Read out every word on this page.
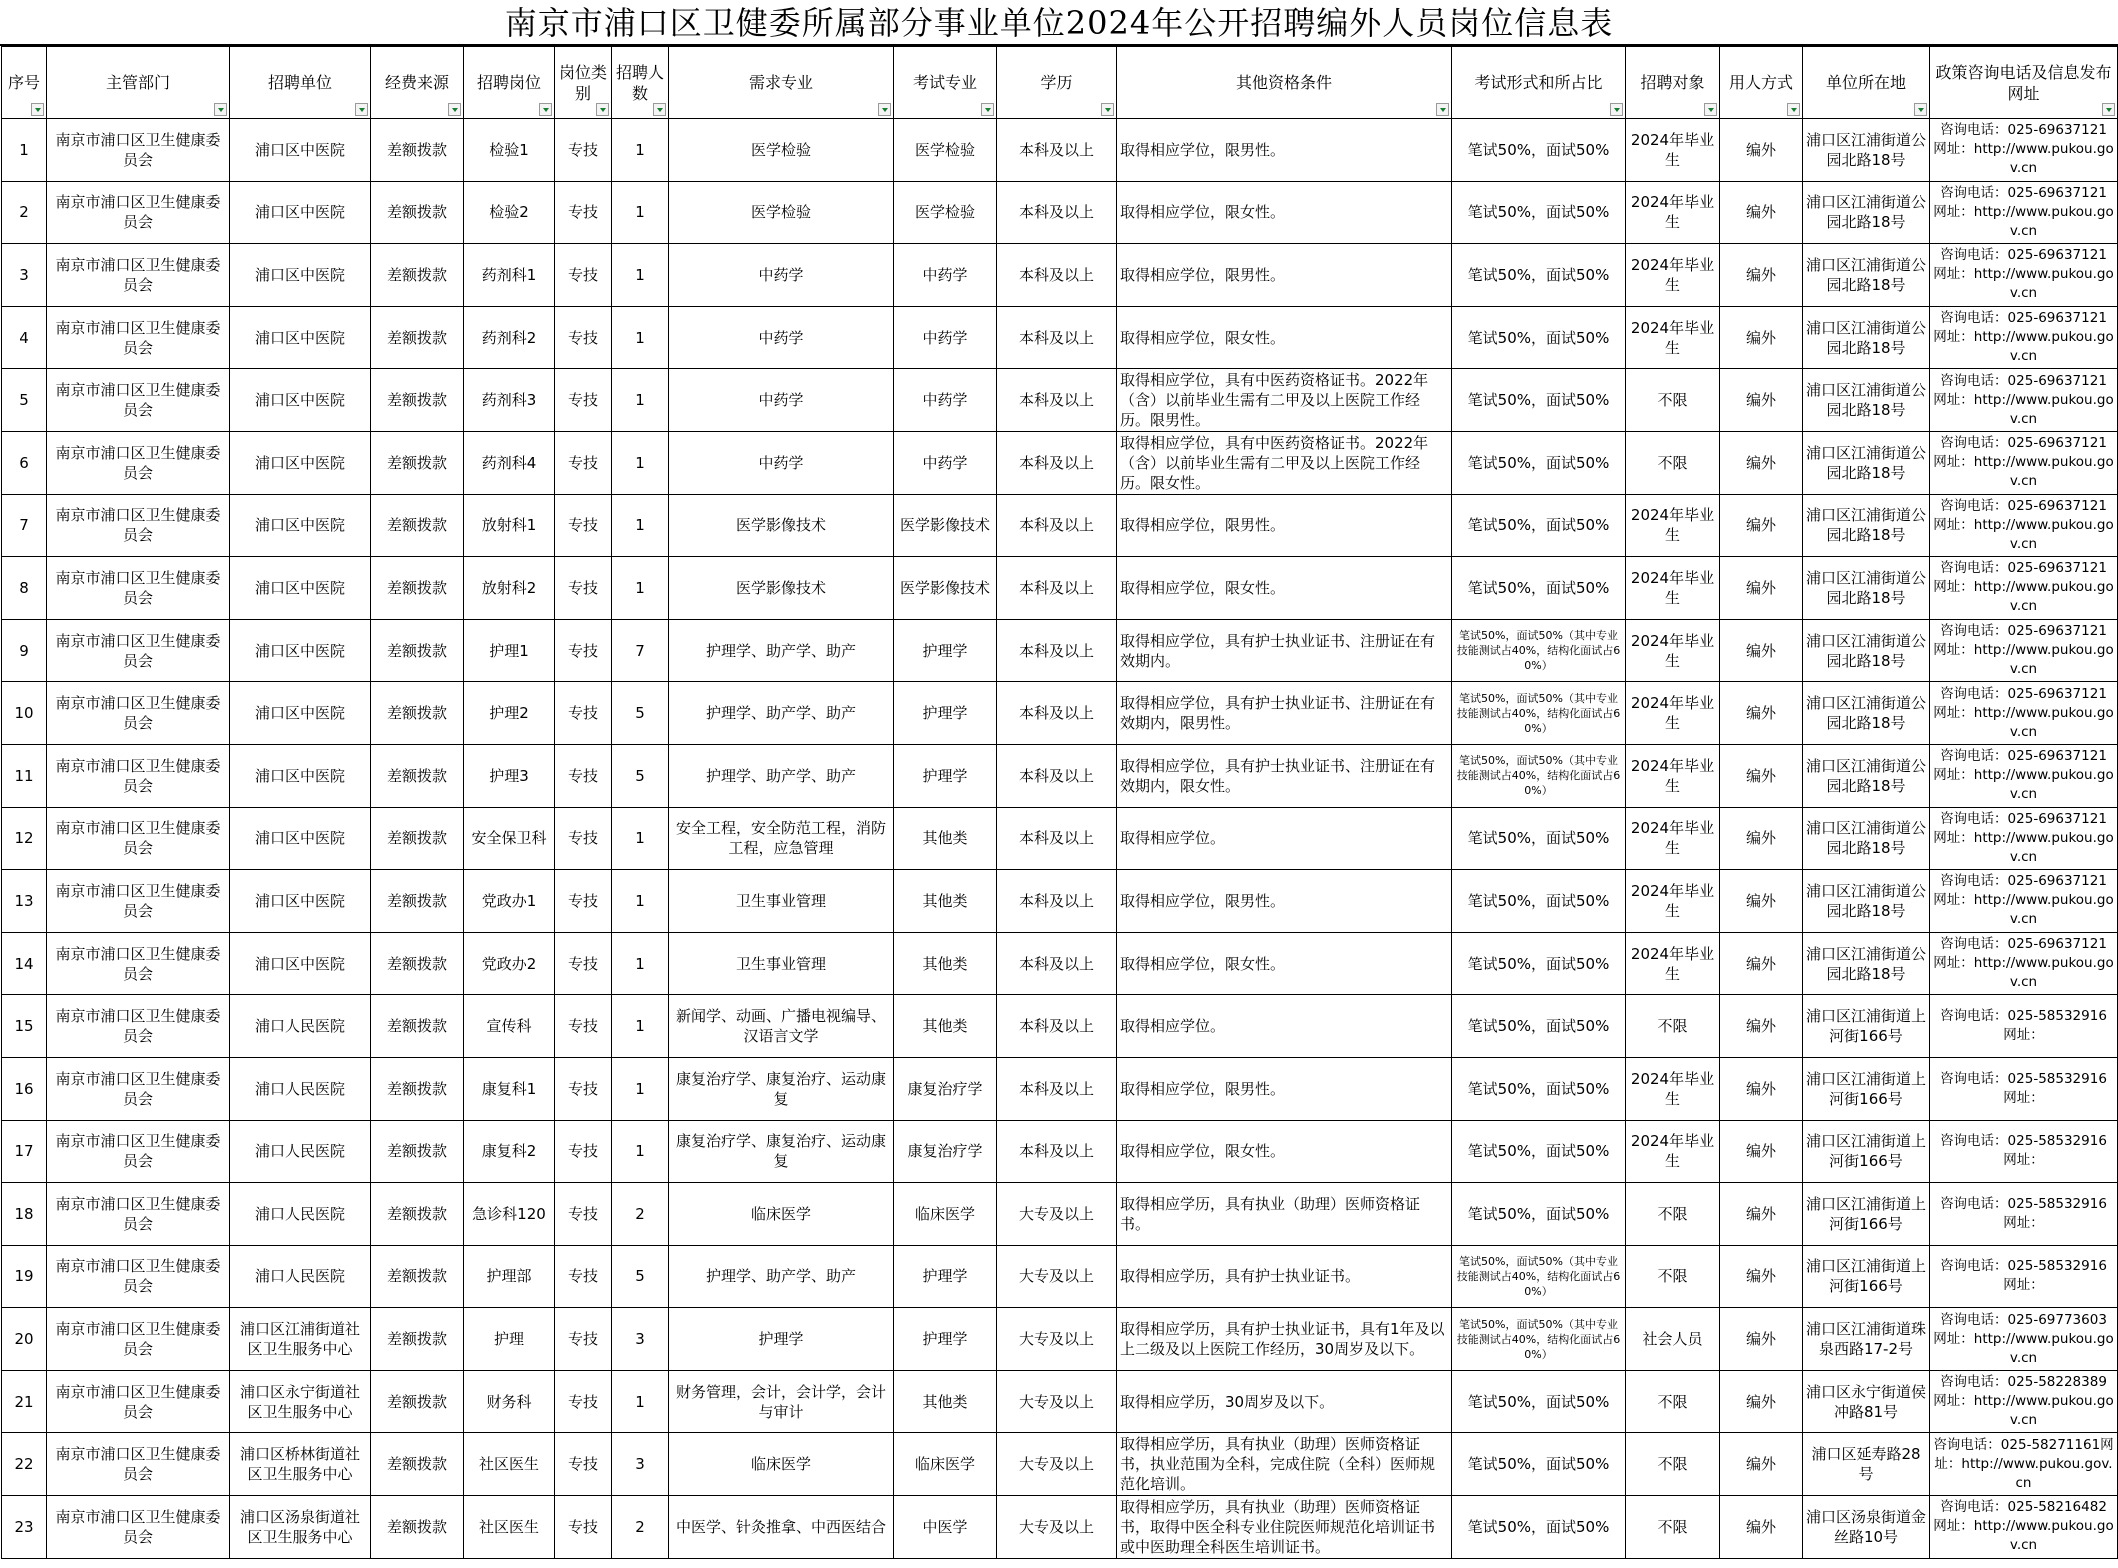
南京市浦口区卫健委所属部分事业单位2024年公开招聘编外人员岗位信息表
序号	主管部门	招聘单位	经费来源	招聘岗位	岗位类别	招聘人数	需求专业	考试专业	学历	其他资格条件	考试形式和所占比	招聘对象	用人方式	单位所在地	政策咨询电话及信息发布网址

1	南京市浦口区卫生健康委员会	浦口区中医院	差额拨款	检验1	专技	1	医学检验	医学检验	本科及以上	取得相应学位，限男性。	笔试50%，面试50%	2024年毕业生	编外	浦口区江浦街道公园北路18号	咨询电话：025-69637121 网址：http://www.pukou.gov.cn
2	南京市浦口区卫生健康委员会	浦口区中医院	差额拨款	检验2	专技	1	医学检验	医学检验	本科及以上	取得相应学位，限女性。	笔试50%，面试50%	2024年毕业生	编外	浦口区江浦街道公园北路18号	咨询电话：025-69637121 网址：http://www.pukou.gov.cn
3	南京市浦口区卫生健康委员会	浦口区中医院	差额拨款	药剂科1	专技	1	中药学	中药学	本科及以上	取得相应学位，限男性。	笔试50%，面试50%	2024年毕业生	编外	浦口区江浦街道公园北路18号	咨询电话：025-69637121 网址：http://www.pukou.gov.cn
4	南京市浦口区卫生健康委员会	浦口区中医院	差额拨款	药剂科2	专技	1	中药学	中药学	本科及以上	取得相应学位，限女性。	笔试50%，面试50%	2024年毕业生	编外	浦口区江浦街道公园北路18号	咨询电话：025-69637121 网址：http://www.pukou.gov.cn
5	南京市浦口区卫生健康委员会	浦口区中医院	差额拨款	药剂科3	专技	1	中药学	中药学	本科及以上	取得相应学位，具有中医药资格证书。2022年（含）以前毕业生需有二甲及以上医院工作经历。限男性。	笔试50%，面试50%	不限	编外	浦口区江浦街道公园北路18号	咨询电话：025-69637121 网址：http://www.pukou.gov.cn
6	南京市浦口区卫生健康委员会	浦口区中医院	差额拨款	药剂科4	专技	1	中药学	中药学	本科及以上	取得相应学位，具有中医药资格证书。2022年（含）以前毕业生需有二甲及以上医院工作经历。限女性。	笔试50%，面试50%	不限	编外	浦口区江浦街道公园北路18号	咨询电话：025-69637121 网址：http://www.pukou.gov.cn
7	南京市浦口区卫生健康委员会	浦口区中医院	差额拨款	放射科1	专技	1	医学影像技术	医学影像技术	本科及以上	取得相应学位，限男性。	笔试50%，面试50%	2024年毕业生	编外	浦口区江浦街道公园北路18号	咨询电话：025-69637121 网址：http://www.pukou.gov.cn
8	南京市浦口区卫生健康委员会	浦口区中医院	差额拨款	放射科2	专技	1	医学影像技术	医学影像技术	本科及以上	取得相应学位，限女性。	笔试50%，面试50%	2024年毕业生	编外	浦口区江浦街道公园北路18号	咨询电话：025-69637121 网址：http://www.pukou.gov.cn
9	南京市浦口区卫生健康委员会	浦口区中医院	差额拨款	护理1	专技	7	护理学、助产学、助产	护理学	本科及以上	取得相应学位，具有护士执业证书、注册证在有效期内。	笔试50%，面试50%（其中专业技能测试占40%，结构化面试占60%）	2024年毕业生	编外	浦口区江浦街道公园北路18号	咨询电话：025-69637121 网址：http://www.pukou.gov.cn
10	南京市浦口区卫生健康委员会	浦口区中医院	差额拨款	护理2	专技	5	护理学、助产学、助产	护理学	本科及以上	取得相应学位，具有护士执业证书、注册证在有效期内，限男性。	笔试50%，面试50%（其中专业技能测试占40%，结构化面试占60%）	2024年毕业生	编外	浦口区江浦街道公园北路18号	咨询电话：025-69637121 网址：http://www.pukou.gov.cn
11	南京市浦口区卫生健康委员会	浦口区中医院	差额拨款	护理3	专技	5	护理学、助产学、助产	护理学	本科及以上	取得相应学位，具有护士执业证书、注册证在有效期内，限女性。	笔试50%，面试50%（其中专业技能测试占40%，结构化面试占60%）	2024年毕业生	编外	浦口区江浦街道公园北路18号	咨询电话：025-69637121 网址：http://www.pukou.gov.cn
12	南京市浦口区卫生健康委员会	浦口区中医院	差额拨款	安全保卫科	专技	1	安全工程，安全防范工程，消防工程，应急管理	其他类	本科及以上	取得相应学位。	笔试50%，面试50%	2024年毕业生	编外	浦口区江浦街道公园北路18号	咨询电话：025-69637121 网址：http://www.pukou.gov.cn
13	南京市浦口区卫生健康委员会	浦口区中医院	差额拨款	党政办1	专技	1	卫生事业管理	其他类	本科及以上	取得相应学位，限男性。	笔试50%，面试50%	2024年毕业生	编外	浦口区江浦街道公园北路18号	咨询电话：025-69637121 网址：http://www.pukou.gov.cn
14	南京市浦口区卫生健康委员会	浦口区中医院	差额拨款	党政办2	专技	1	卫生事业管理	其他类	本科及以上	取得相应学位，限女性。	笔试50%，面试50%	2024年毕业生	编外	浦口区江浦街道公园北路18号	咨询电话：025-69637121 网址：http://www.pukou.gov.cn
15	南京市浦口区卫生健康委员会	浦口人民医院	差额拨款	宣传科	专技	1	新闻学、动画、广播电视编导、汉语言文学	其他类	本科及以上	取得相应学位。	笔试50%，面试50%	不限	编外	浦口区江浦街道上河街166号	咨询电话：025-58532916 网址：
16	南京市浦口区卫生健康委员会	浦口人民医院	差额拨款	康复科1	专技	1	康复治疗学、康复治疗、运动康复	康复治疗学	本科及以上	取得相应学位，限男性。	笔试50%，面试50%	2024年毕业生	编外	浦口区江浦街道上河街166号	咨询电话：025-58532916 网址：
17	南京市浦口区卫生健康委员会	浦口人民医院	差额拨款	康复科2	专技	1	康复治疗学、康复治疗、运动康复	康复治疗学	本科及以上	取得相应学位，限女性。	笔试50%，面试50%	2024年毕业生	编外	浦口区江浦街道上河街166号	咨询电话：025-58532916 网址：
18	南京市浦口区卫生健康委员会	浦口人民医院	差额拨款	急诊科120	专技	2	临床医学	临床医学	大专及以上	取得相应学历，具有执业（助理）医师资格证书。	笔试50%，面试50%	不限	编外	浦口区江浦街道上河街166号	咨询电话：025-58532916 网址：
19	南京市浦口区卫生健康委员会	浦口人民医院	差额拨款	护理部	专技	5	护理学、助产学、助产	护理学	大专及以上	取得相应学历，具有护士执业证书。	笔试50%，面试50%（其中专业技能测试占40%，结构化面试占60%）	不限	编外	浦口区江浦街道上河街166号	咨询电话：025-58532916 网址：
20	南京市浦口区卫生健康委员会	浦口区江浦街道社区卫生服务中心	差额拨款	护理	专技	3	护理学	护理学	大专及以上	取得相应学历，具有护士执业证书，具有1年及以上二级及以上医院工作经历，30周岁及以下。	笔试50%，面试50%（其中专业技能测试占40%，结构化面试占60%）	社会人员	编外	浦口区江浦街道珠泉西路17-2号	咨询电话：025-69773603 网址：http://www.pukou.gov.cn
21	南京市浦口区卫生健康委员会	浦口区永宁街道社区卫生服务中心	差额拨款	财务科	专技	1	财务管理，会计，会计学，会计与审计	其他类	大专及以上	取得相应学历，30周岁及以下。	笔试50%，面试50%	不限	编外	浦口区永宁街道侯冲路81号	咨询电话：025-58228389 网址：http://www.pukou.gov.cn
22	南京市浦口区卫生健康委员会	浦口区桥林街道社区卫生服务中心	差额拨款	社区医生	专技	3	临床医学	临床医学	大专及以上	取得相应学历，具有执业（助理）医师资格证书，执业范围为全科，完成住院（全科）医师规范化培训。	笔试50%，面试50%	不限	编外	浦口区延寿路28号	咨询电话：025-58271161网址：http://www.pukou.gov.cn
23	南京市浦口区卫生健康委员会	浦口区汤泉街道社区卫生服务中心	差额拨款	社区医生	专技	2	中医学、针灸推拿、中西医结合	中医学	大专及以上	取得相应学历，具有执业（助理）医师资格证书，取得中医全科专业住院医师规范化培训证书或中医助理全科医生培训证书。	笔试50%，面试50%	不限	编外	浦口区汤泉街道金丝路10号	咨询电话：025-58216482 网址：http://www.pukou.gov.cn
